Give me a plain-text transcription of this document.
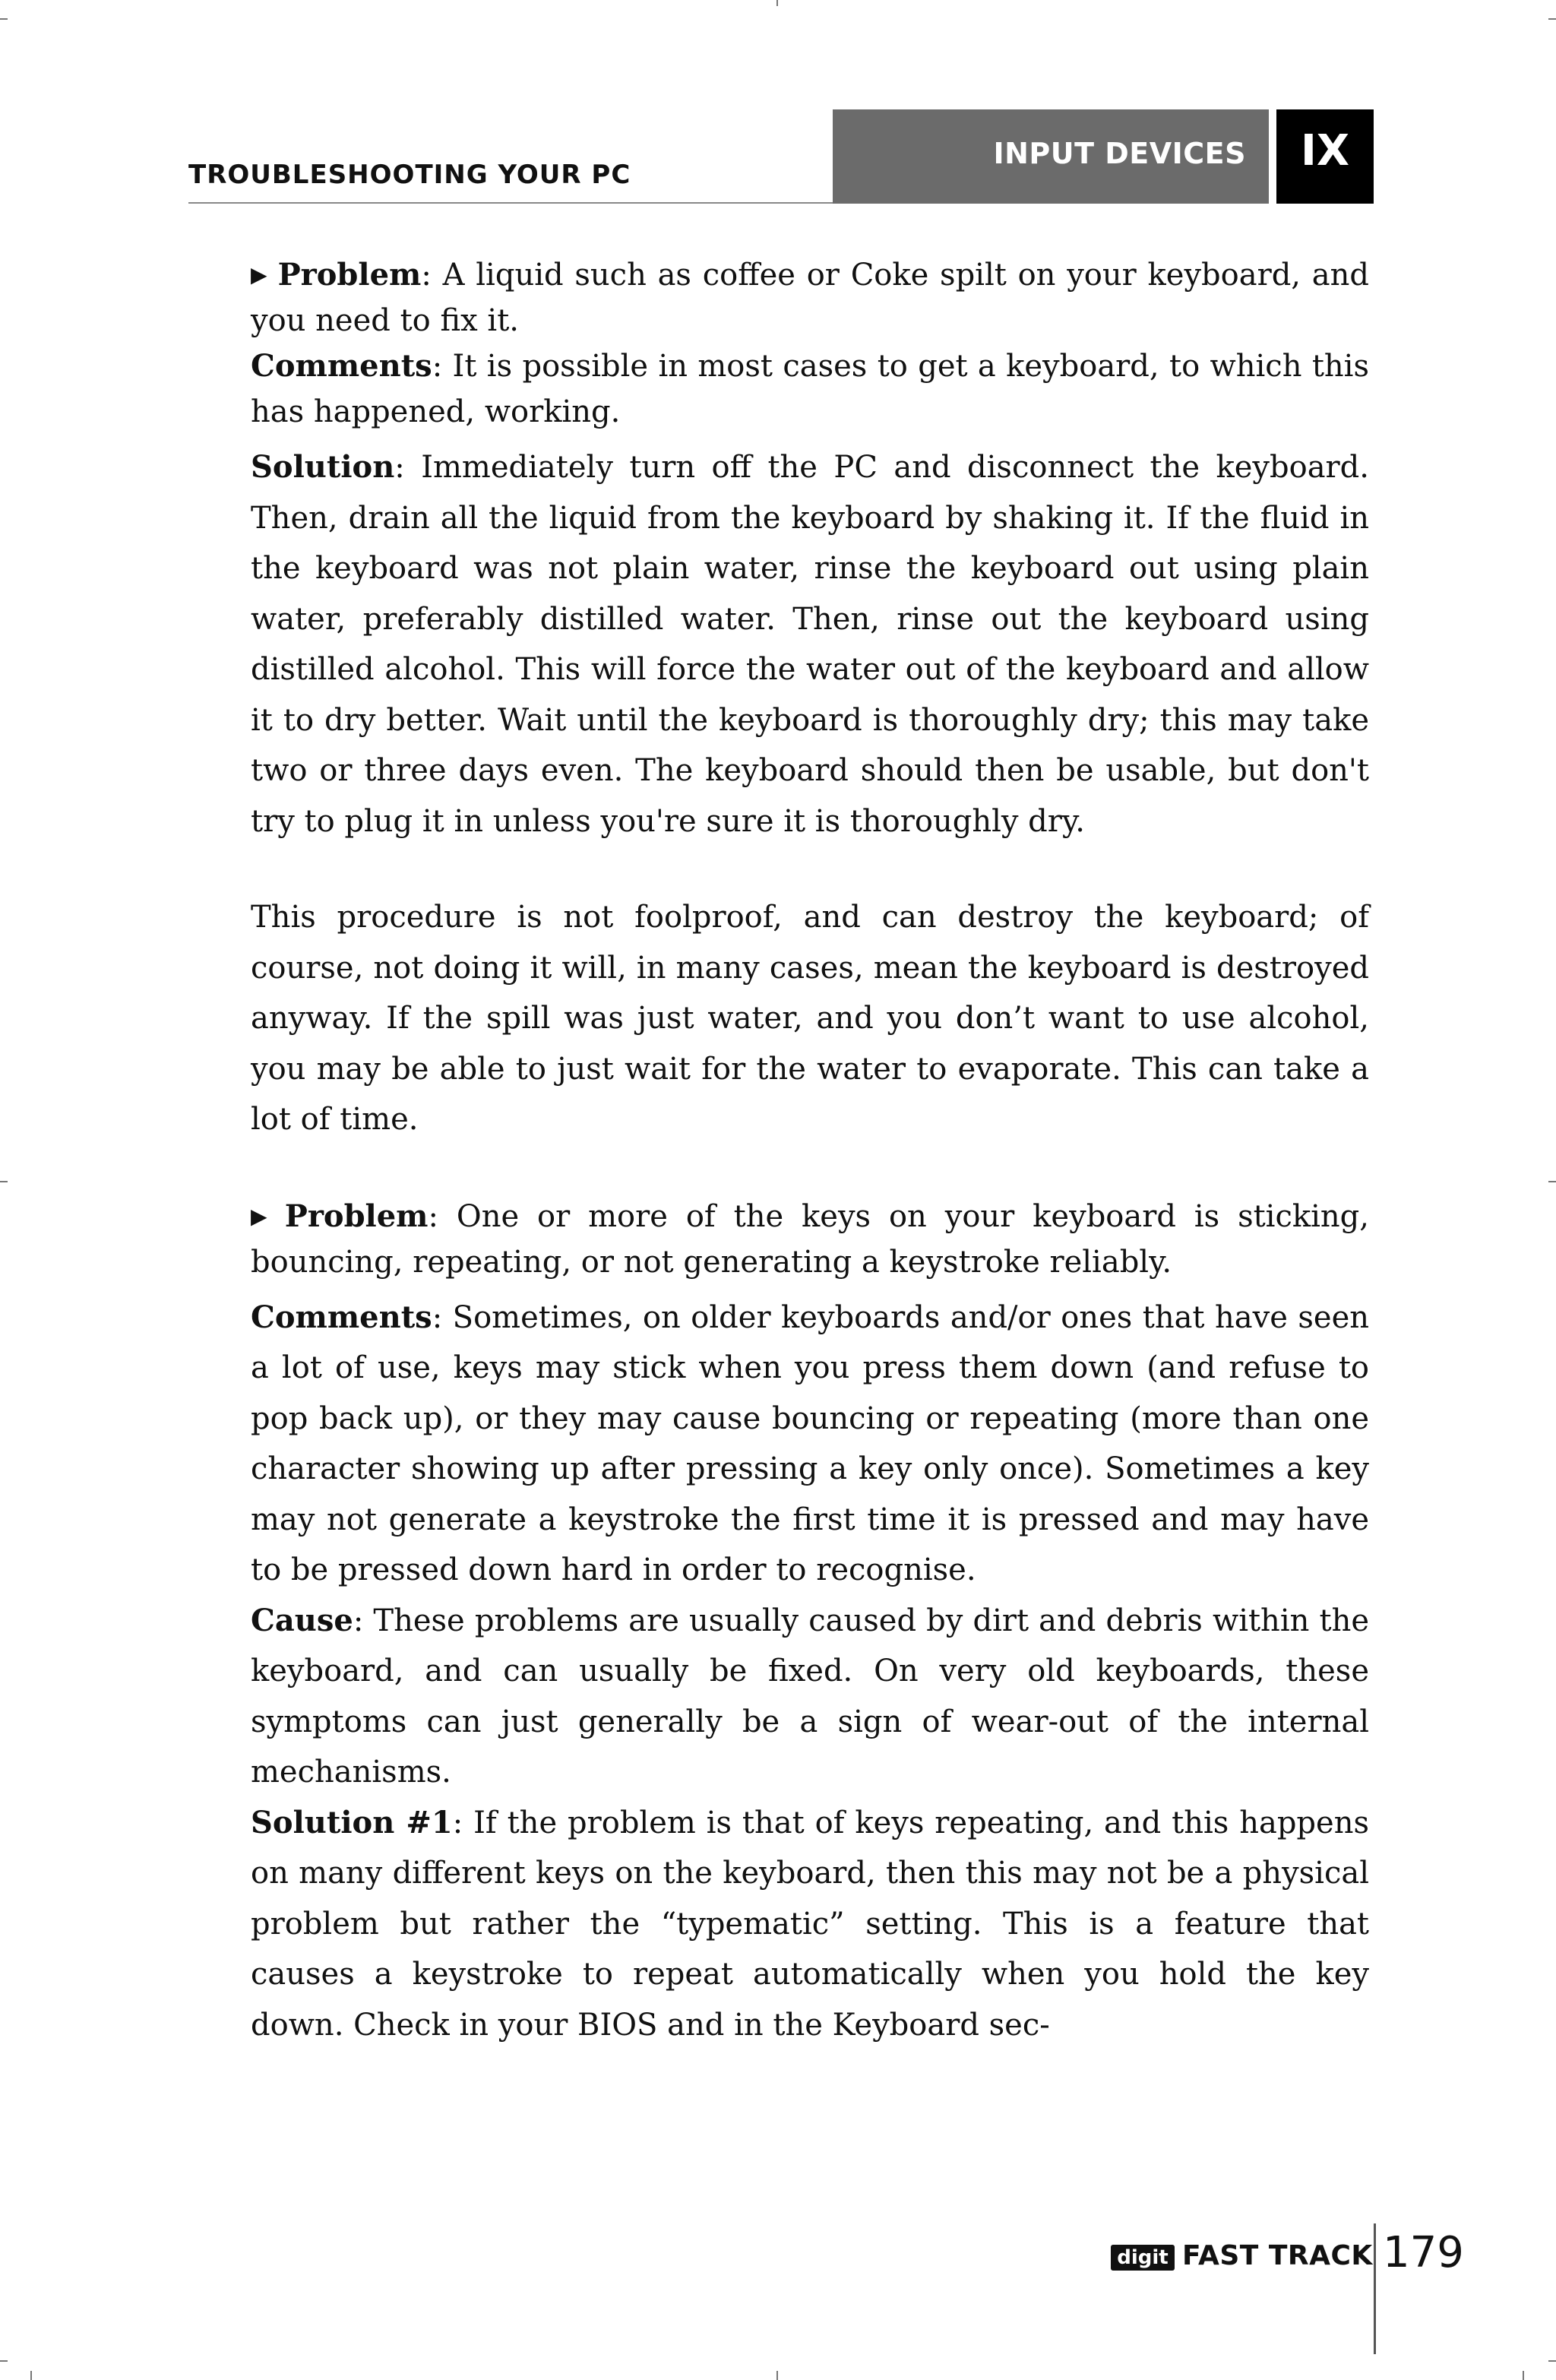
TROUBLESHOOTING YOUR PC
INPUT DEVICES	IX

▶ Problem: A liquid such as coffee or Coke spilt on your keyboard, and you need to fix it.

Comments: It is possible in most cases to get a keyboard, to which this has happened, working.

Solution: Immediately turn off the PC and disconnect the keyboard. Then, drain all the liquid from the keyboard by shaking it. If the fluid in the keyboard was not plain water, rinse the keyboard out using plain water, preferably distilled water. Then, rinse out the keyboard using distilled alcohol. This will force the water out of the keyboard and allow it to dry better. Wait until the keyboard is thoroughly dry; this may take two or three days even. The keyboard should then be usable, but don't try to plug it in unless you're sure it is thoroughly dry.

This procedure is not foolproof, and can destroy the keyboard; of course, not doing it will, in many cases, mean the keyboard is destroyed anyway. If the spill was just water, and you don’t want to use alcohol, you may be able to just wait for the water to evaporate. This can take a lot of time.

▶ Problem: One or more of the keys on your keyboard is sticking, bouncing, repeating, or not generating a keystroke reliably.

Comments: Sometimes, on older keyboards and/or ones that have seen a lot of use, keys may stick when you press them down (and refuse to pop back up), or they may cause bouncing or repeating (more than one character showing up after pressing a key only once). Sometimes a key may not generate a keystroke the first time it is pressed and may have to be pressed down hard in order to recognise.

Cause: These problems are usually caused by dirt and debris within the keyboard, and can usually be fixed. On very old keyboards, these symptoms can just generally be a sign of wear-out of the internal mechanisms.

Solution #1: If the problem is that of keys repeating, and this happens on many different keys on the keyboard, then this may not be a physical problem but rather the “typematic” setting. This is a feature that causes a keystroke to repeat automatically when you hold the key down. Check in your BIOS and in the Keyboard sec-

digit FAST TRACK 179
